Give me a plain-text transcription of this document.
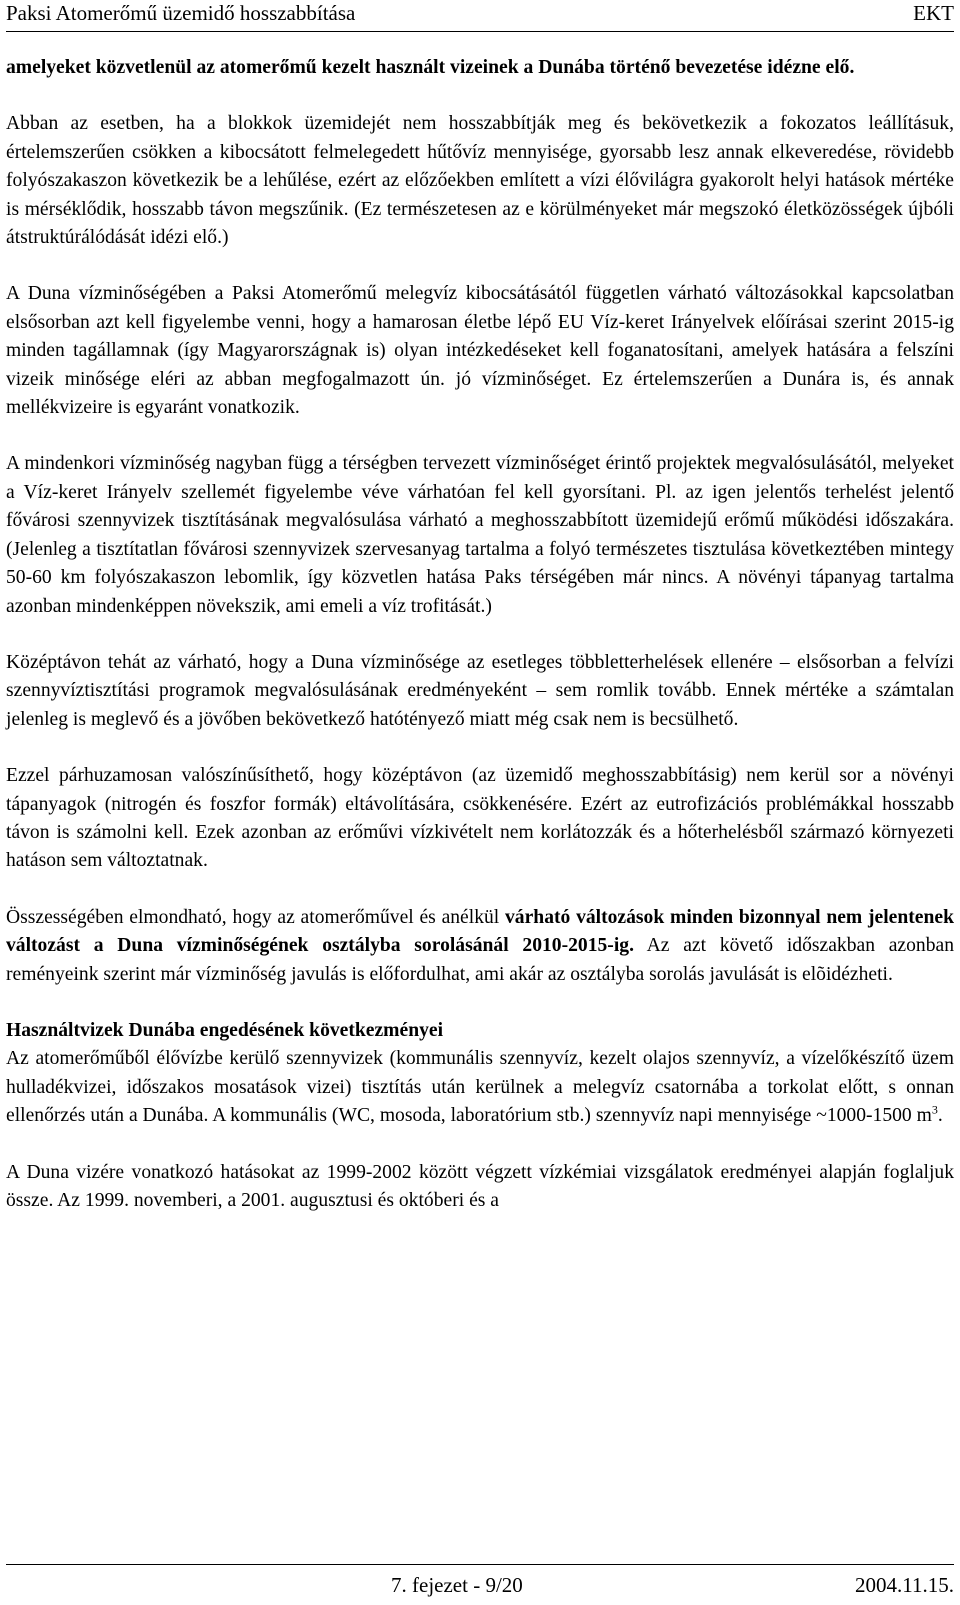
Paksi Atomerőmű üzemidő hosszabbítása	EKT

amelyeket közvetlenül az atomerőmű kezelt használt vizeinek a Dunába történő bevezetése idézne elő.

Abban az esetben, ha a blokkok üzemidejét nem hosszabbítják meg és bekövetkezik a fokozatos leállításuk, értelemszerűen csökken a kibocsátott felmelegedett hűtővíz mennyisége, gyorsabb lesz annak elkeveredése, rövidebb folyószakaszon következik be a lehűlése, ezért az előzőekben említett a vízi élővilágra gyakorolt helyi hatások mértéke is mérséklődik, hosszabb távon megszűnik. (Ez természetesen az e körülményeket már megszokó életközösségek újbóli átstruktúrálódását idézi elő.)

A Duna vízminőségében a Paksi Atomerőmű melegvíz kibocsátásától független várható változásokkal kapcsolatban elsősorban azt kell figyelembe venni, hogy a hamarosan életbe lépő EU Víz-keret Irányelvek előírásai szerint 2015-ig minden tagállamnak (így Magyarországnak is) olyan intézkedéseket kell foganatosítani, amelyek hatására a felszíni vizeik minősége eléri az abban megfogalmazott ún. jó vízminőséget. Ez értelemszerűen a Dunára is, és annak mellékvizeire is egyaránt vonatkozik.

A mindenkori vízminőség nagyban függ a térségben tervezett vízminőséget érintő projektek megvalósulásától, melyeket a Víz-keret Irányelv szellemét figyelembe véve várhatóan fel kell gyorsítani. Pl. az igen jelentős terhelést jelentő fővárosi szennyvizek tisztításának megvalósulása várható a meghosszabbított üzemidejű erőmű működési időszakára. (Jelenleg a tisztítatlan fővárosi szennyvizek szervesanyag tartalma a folyó természetes tisztulása következtében mintegy 50-60 km folyószakaszon lebomlik, így közvetlen hatása Paks térségében már nincs. A növényi tápanyag tartalma azonban mindenképpen növekszik, ami emeli a víz trofitását.)

Középtávon tehát az várható, hogy a Duna vízminősége az esetleges többletterhelések ellenére – elsősorban a felvízi szennyvíztisztítási programok megvalósulásának eredményeként – sem romlik tovább. Ennek mértéke a számtalan jelenleg is meglevő és a jövőben bekövetkező hatótényező miatt még csak nem is becsülhető.

Ezzel párhuzamosan valószínűsíthető, hogy középtávon (az üzemidő meghosszabbításig) nem kerül sor a növényi tápanyagok (nitrogén és foszfor formák) eltávolítására, csökkenésére. Ezért az eutrofizációs problémákkal hosszabb távon is számolni kell. Ezek azonban az erőművi vízkivételt nem korlátozzák és a hőterhelésből származó környezeti hatáson sem változtatnak.

Összességében elmondható, hogy az atomerőművel és anélkül várható változások minden bizonnyal nem jelentenek változást a Duna vízminőségének osztályba sorolásánál 2010-2015-ig. Az azt követő időszakban azonban reményeink szerint már vízminőség javulás is előfordulhat, ami akár az osztályba sorolás javulását is elõidézheti.

Használtvizek Dunába engedésének következményei

Az atomerőműből élővízbe kerülő szennyvizek (kommunális szennyvíz, kezelt olajos szennyvíz, a vízelőkészítő üzem hulladékvizei, időszakos mosatások vizei) tisztítás után kerülnek a melegvíz csatornába a torkolat előtt, s onnan ellenőrzés után a Dunába. A kommunális (WC, mosoda, laboratórium stb.) szennyvíz napi mennyisége ~1000-1500 $m^3$.

A Duna vizére vonatkozó hatásokat az 1999-2002 között végzett vízkémiai vizsgálatok eredményei alapján foglaljuk össze. Az 1999. novemberi, a 2001. augusztusi és októberi és a

7. fejezet - 9/20	2004.11.15.
